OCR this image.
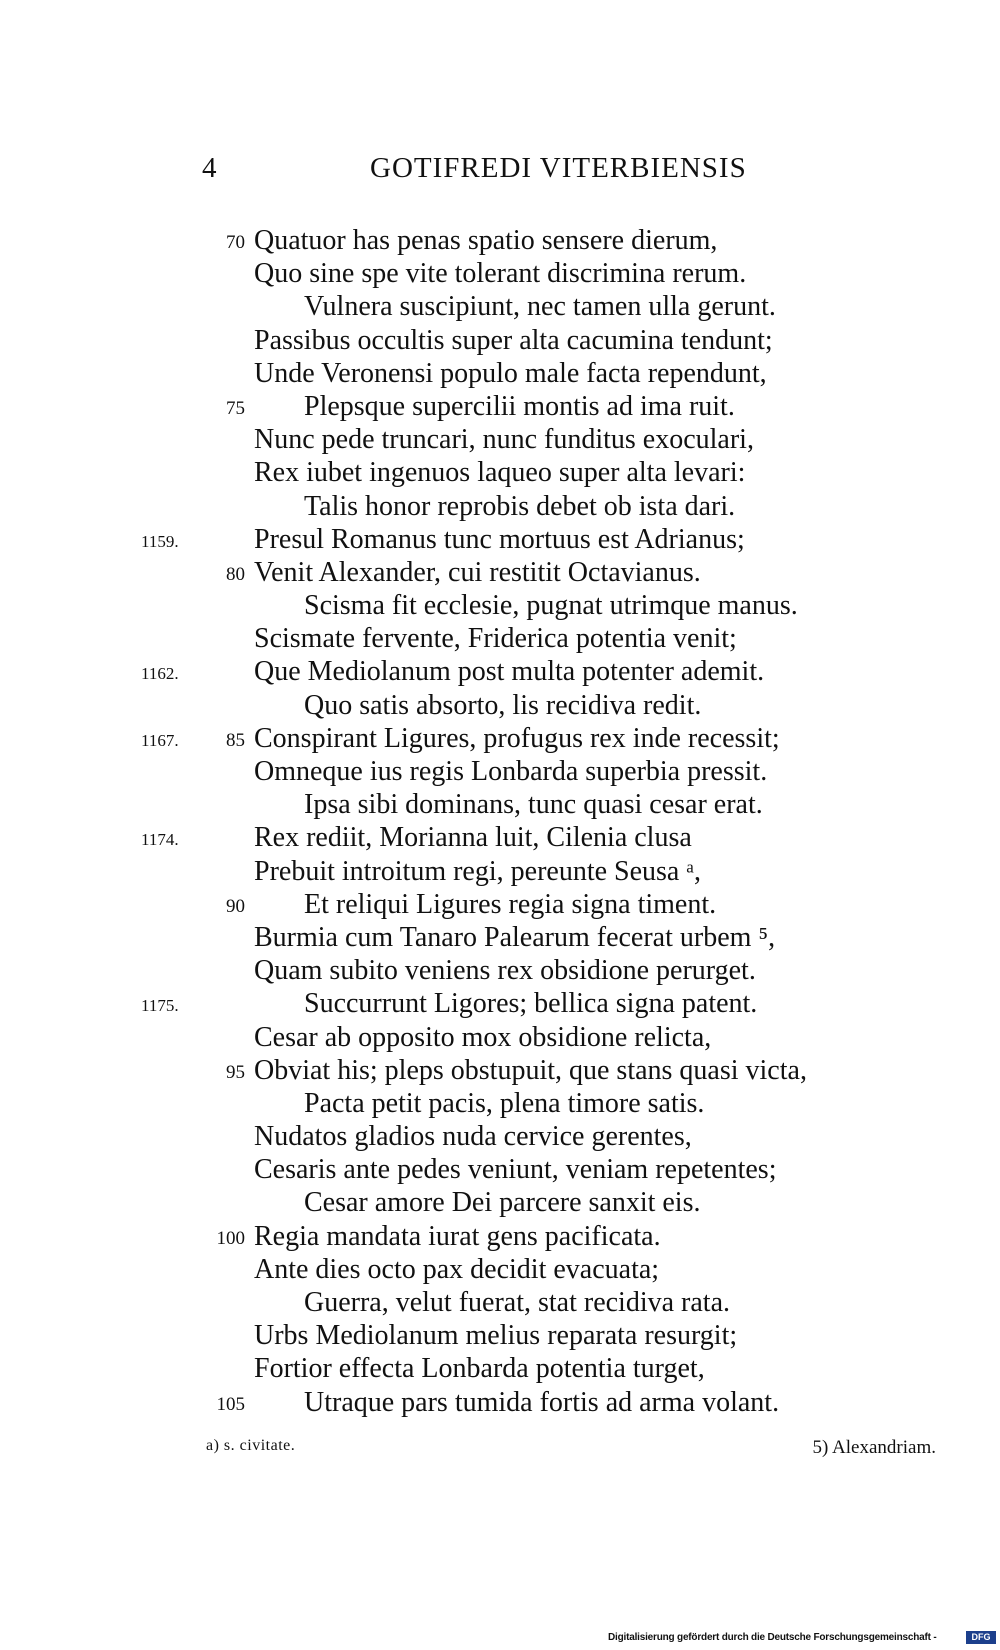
4	GOTIFREDI VITERBIENSIS
70 Quatuor has penas spatio sensere dierum,
Quo sine spe vite tolerant discrimina rerum.
Vulnera suscipiunt, nec tamen ulla gerunt.
Passibus occultis super alta cacumina tendunt;
Unde Veronensi populo male facta rependunt,
75 Plepsque supercilii montis ad ima ruit.
Nunc pede truncari, nunc funditus exoculari,
Rex iubet ingenuos laqueo super alta levari:
Talis honor reprobis debet ob ista dari.
1159.	Presul Romanus tunc mortuus est Adrianus;
80 Venit Alexander, cui restitit Octavianus.
Scisma fit ecclesie, pugnat utrimque manus.
Scismate fervente, Friderica potentia venit;
1162.	Que Mediolanum post multa potenter ademit.
Quo satis absorto, lis recidiva redit.
1167. 85 Conspirant Ligures, profugus rex inde recessit;
Omneque ius regis Lonbarda superbia pressit.
Ipsa sibi dominans, tunc quasi cesar erat.
1174.	Rex rediit, Morianna luit, Cilenia clusa
Prebuit introitum regi, pereunte Seusa ᵃ,
90 Et reliqui Ligures regia signa timent.
Burmia cum Tanaro Palearum fecerat urbem ⁵,
Quam subito veniens rex obsidione perurget.
1175.	Succurrunt Ligores; bellica signa patent.
Cesar ab opposito mox obsidione relicta,
95 Obviat his; pleps obstupuit, que stans quasi victa,
Pacta petit pacis, plena timore satis.
Nudatos gladios nuda cervice gerentes,
Cesaris ante pedes veniunt, veniam repetentes;
Cesar amore Dei parcere sanxit eis.
100 Regia mandata iurat gens pacificata.
Ante dies octo pax decidit evacuata;
Guerra, velut fuerat, stat recidiva rata.
Urbs Mediolanum melius reparata resurgit;
Fortior effecta Lonbarda potentia turget,
105 Utraque pars tumida fortis ad arma volant.
a) s. civitate.	5) Alexandriam.
Digitalisierung gefördert durch die Deutsche Forschungsgemeinschaft -	DFG
